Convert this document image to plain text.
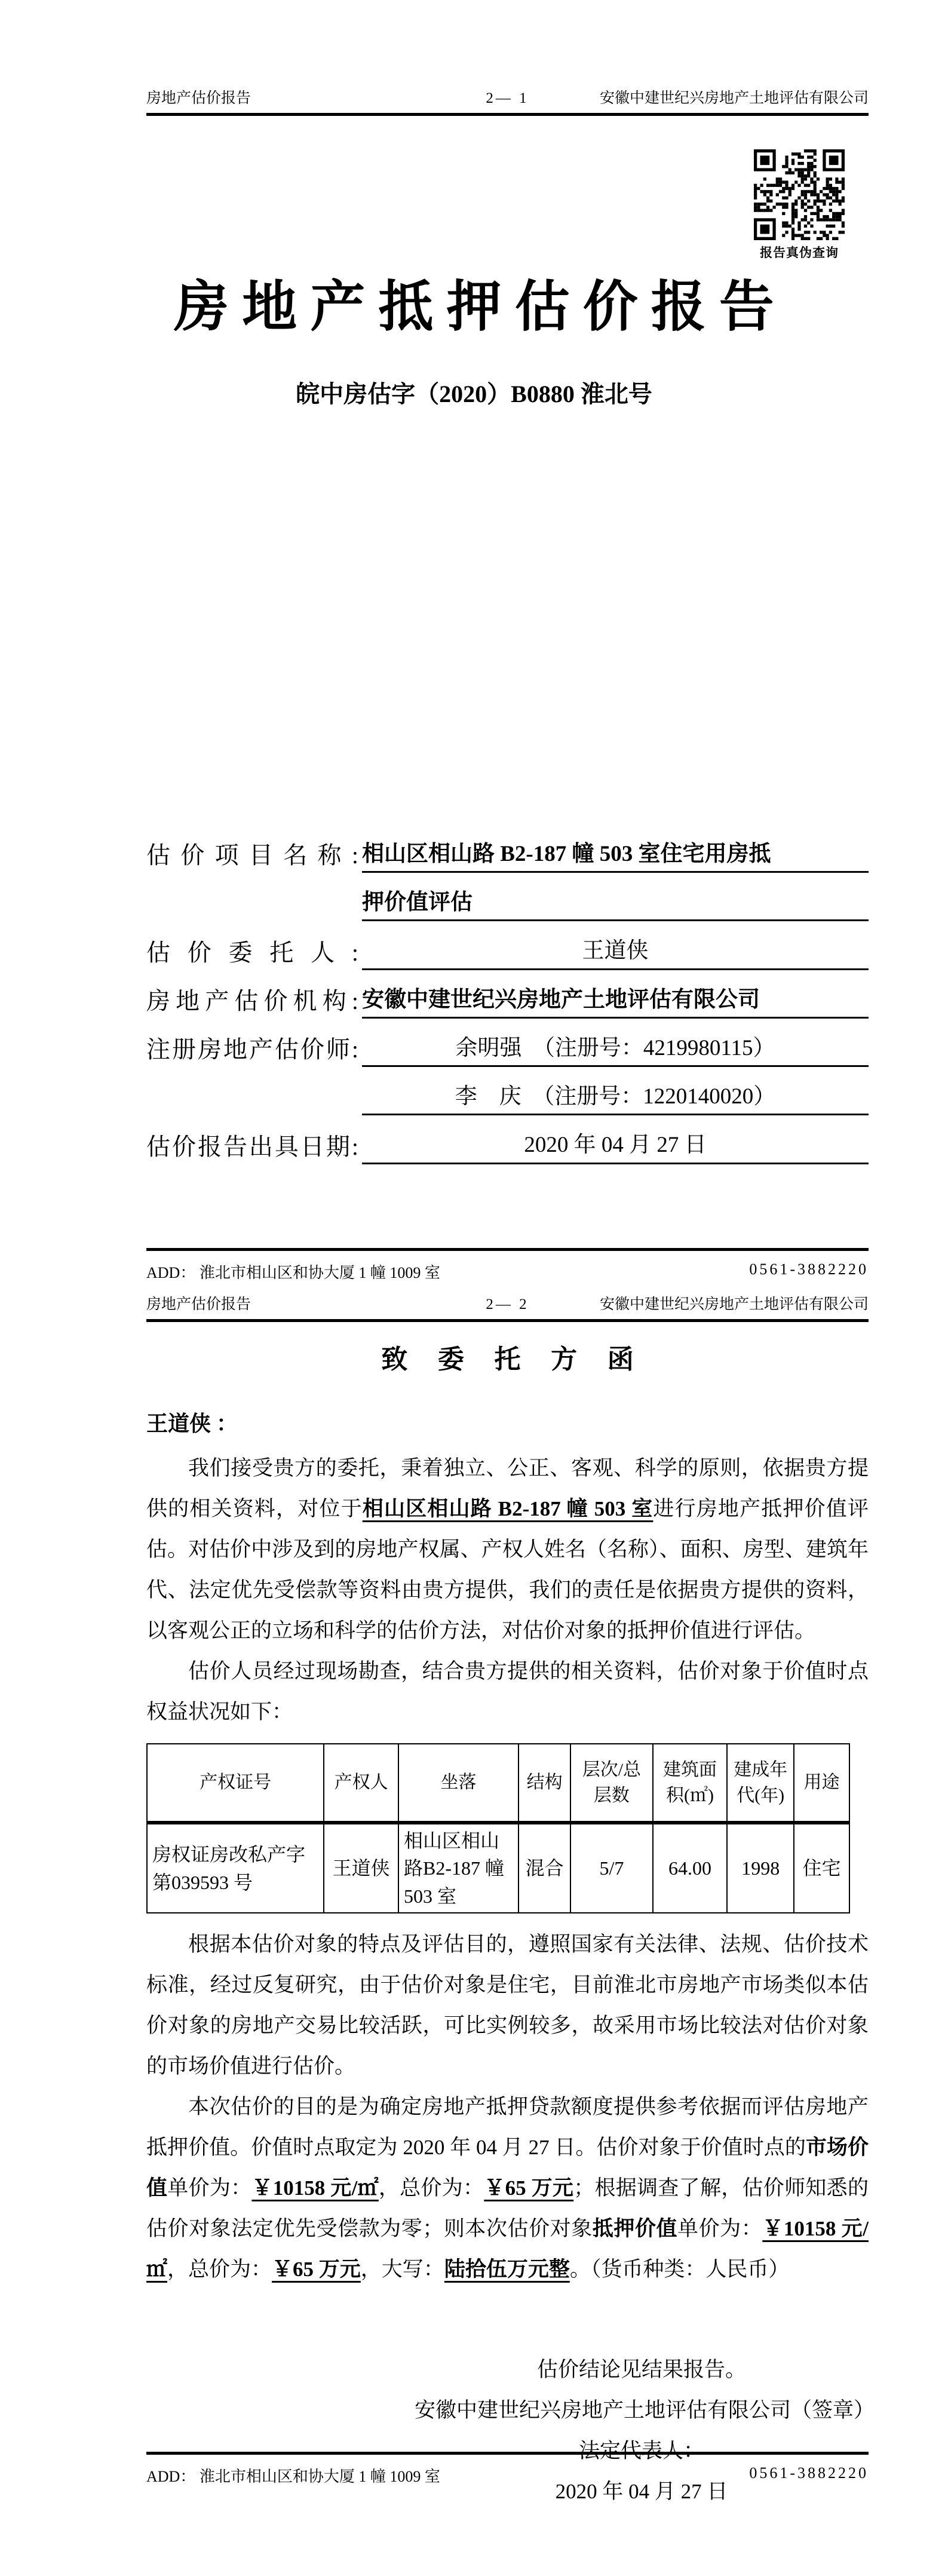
房地产估价报告	2— 1	安徽中建世纪兴房地产土地评估有限公司
报告真伪查询
房地产抵押估价报告
皖中房估字（2020）B0880 淮北号
估价项目名称: 相山区相山路 B2-187 幢 503 室住宅用房抵
押价值评估
估价委托人:	王道侠
房地产估价机构: 安徽中建世纪兴房地产土地评估有限公司
注册房地产估价师:	余明强　（注册号：4219980115）
李　庆　（注册号：1220140020）
估价报告出具日期:	2020 年 04 月 27 日
ADD： 淮北市相山区和协大厦 1 幢 1009 室	0561-3882220
房地产估价报告	2— 2	安徽中建世纪兴房地产土地评估有限公司
致 委 托 方 函
王道侠 ：

我们接受贵方的委托，秉着独立、公正、客观、科学的原则，依据贵方提供的相关资料，对位于相山区相山路 B2-187 幢 503 室进行房地产抵押价值评估。对估价中涉及到的房地产权属、产权人姓名（名称）、面积、房型、建筑年代、法定优先受偿款等资料由贵方提供，我们的责任是依据贵方提供的资料，以客观公正的立场和科学的估价方法，对估价对象的抵押价值进行评估。

估价人员经过现场勘查，结合贵方提供的相关资料，估价对象于价值时点权益状况如下：

产权证号	产权人	坐落	结构	层次/总层数	建筑面积(㎡)	建成年代(年)	用途
房权证房改私产字第039593 号	王道侠	相山区相山路B2-187 幢 503 室	混合	5/7	64.00	1998	住宅

根据本估价对象的特点及评估目的，遵照国家有关法律、法规、估价技术标准，经过反复研究，由于估价对象是住宅，目前淮北市房地产市场类似本估价对象的房地产交易比较活跃，可比实例较多，故采用市场比较法对估价对象的市场价值进行估价。

本次估价的目的是为确定房地产抵押贷款额度提供参考依据而评估房地产抵押价值。价值时点取定为 2020 年 04 月 27 日。估价对象于价值时点的市场价值单价为：￥10158 元/㎡，总价为：￥65 万元；根据调查了解，估价师知悉的估价对象法定优先受偿款为零；则本次估价对象抵押价值单价为：￥10158 元/㎡，总价为：￥65 万元，大写：陆拾伍万元整。（货币种类：人民币）

估价结论见结果报告。
安徽中建世纪兴房地产土地评估有限公司（签章）
法定代表人：
2020 年 04 月 27 日
ADD： 淮北市相山区和协大厦 1 幢 1009 室	0561-3882220
